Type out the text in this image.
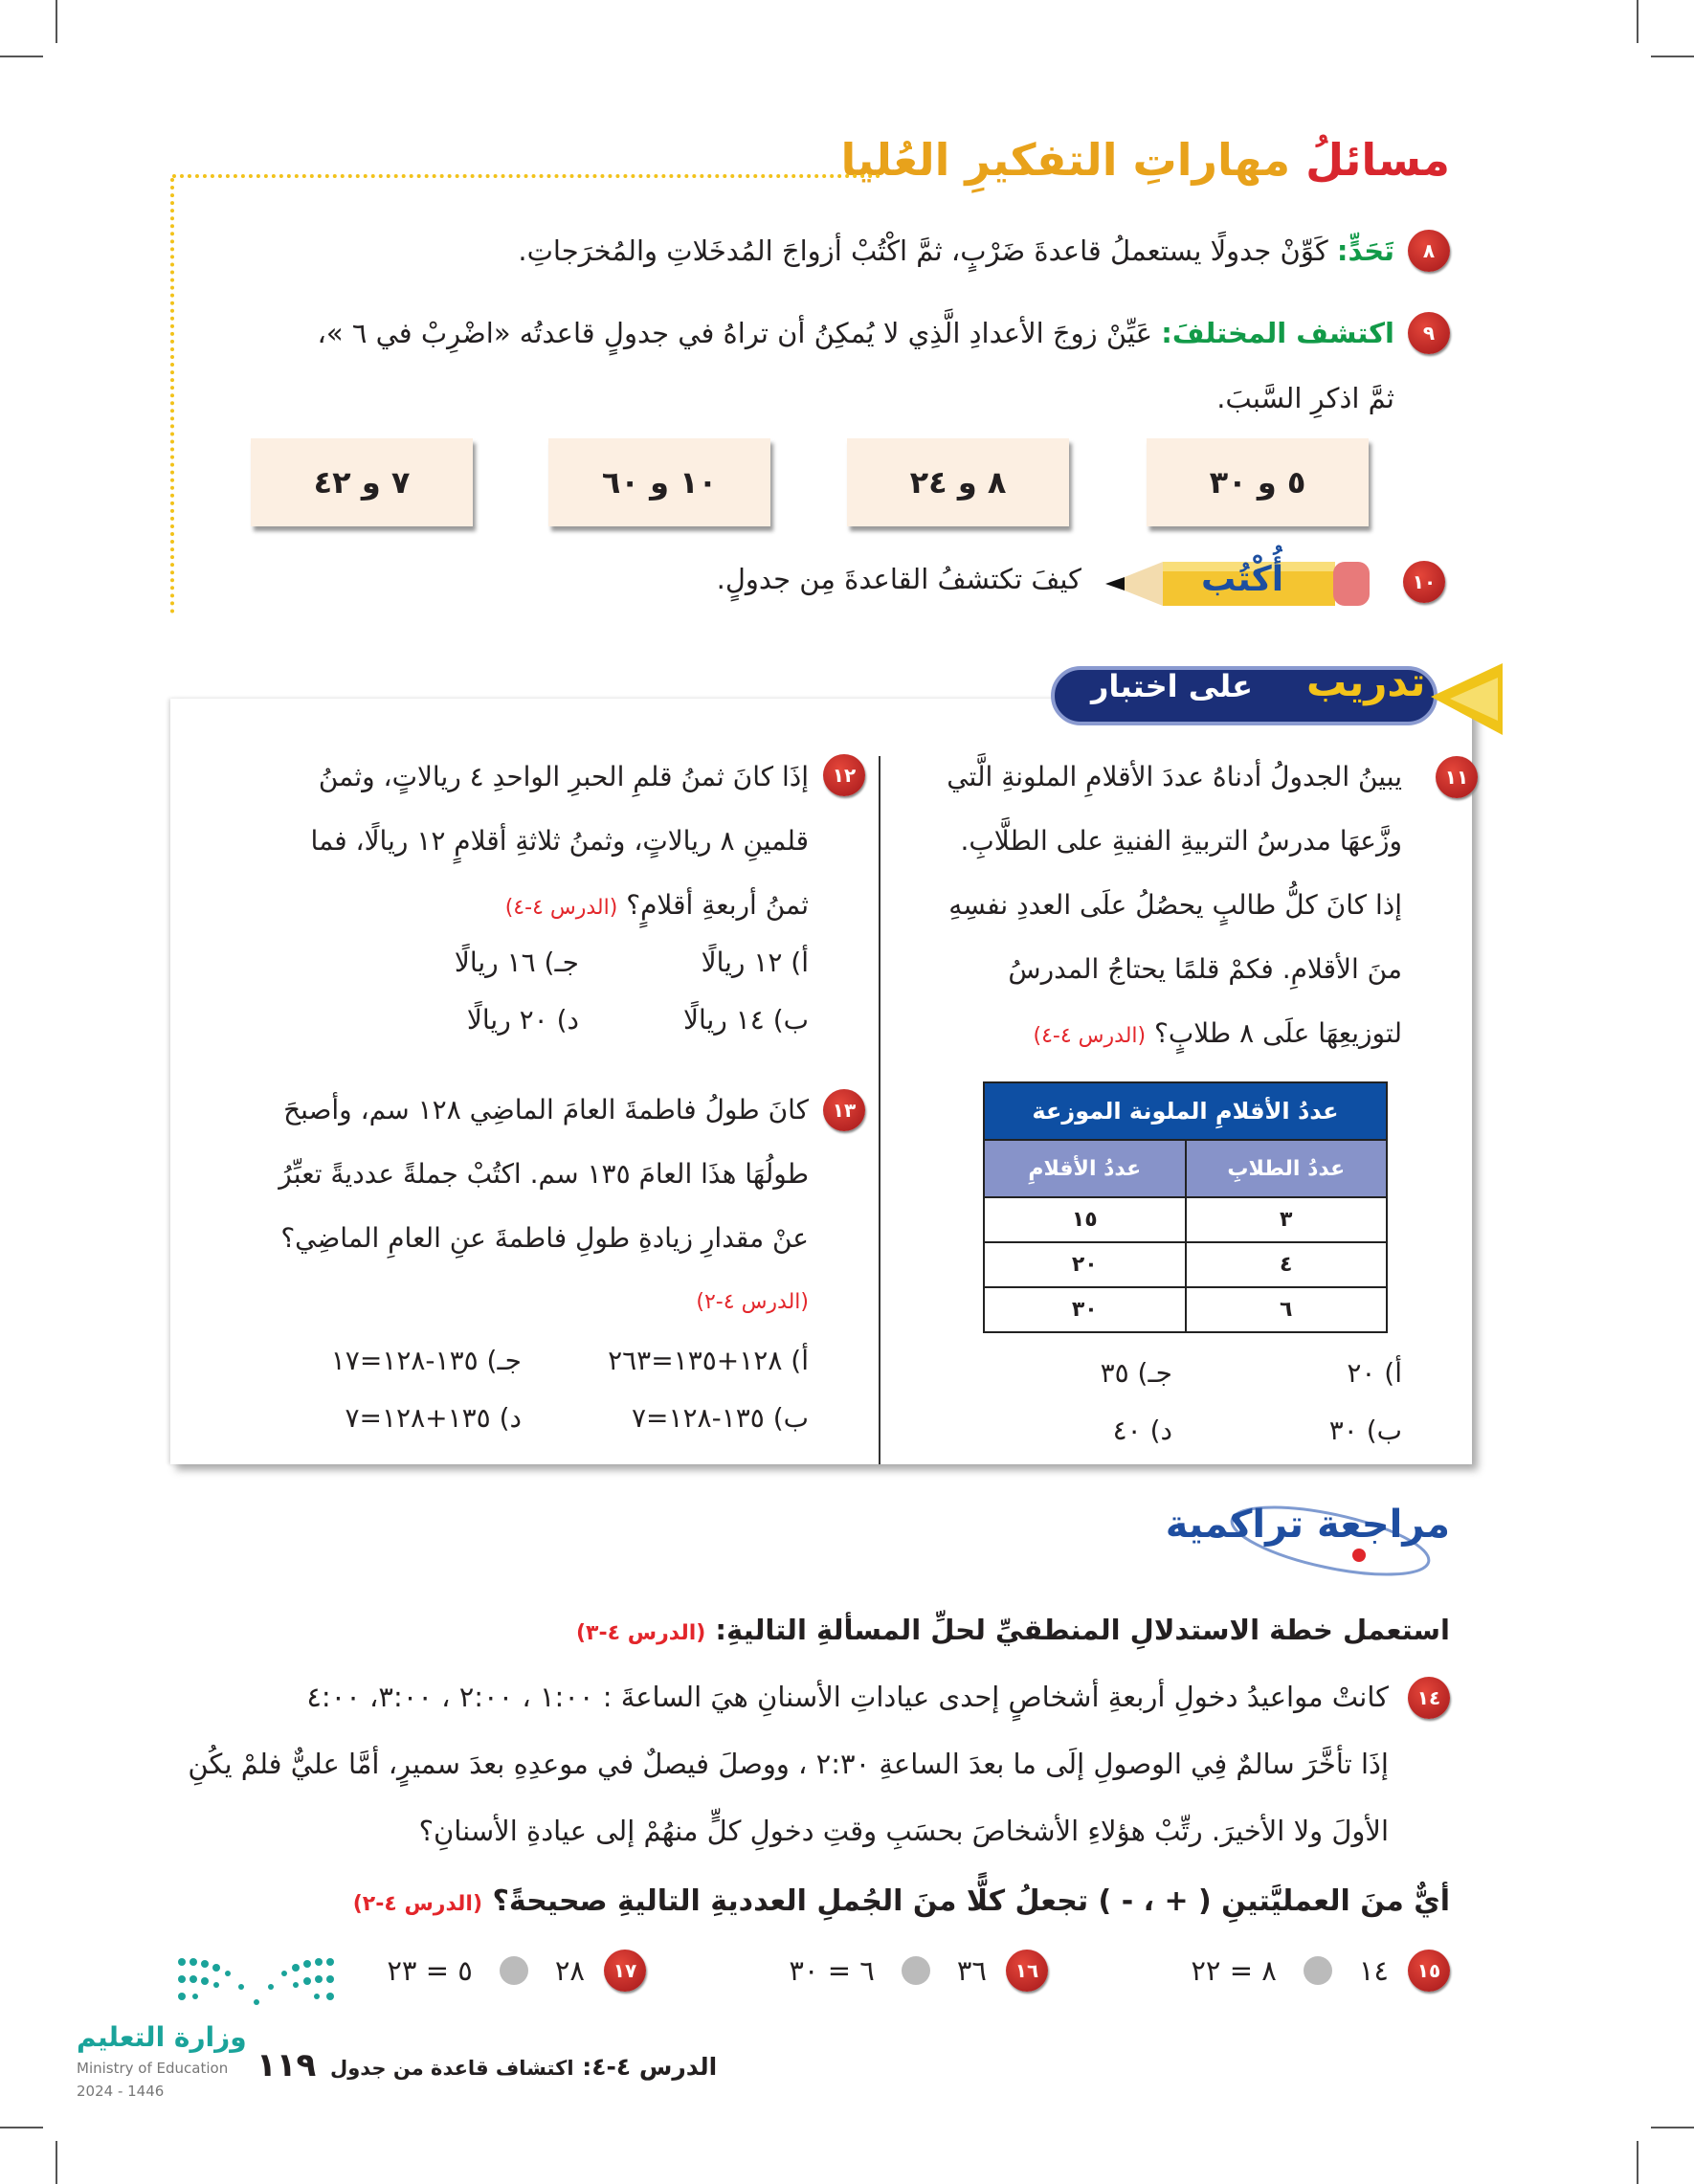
مسائلُ مهاراتِ التفكيرِ العُليا
٨
تَحَدٍّ: كَوِّنْ جدولًا يستعملُ قاعدةَ ضَرْبٍ، ثمَّ اكْتُبْ أزواجَ المُدخَلاتِ والمُخرَجاتِ.
٩
اكتشف المختلفَ: عَيِّنْ زوجَ الأعدادِ الَّذِي لا يُمكِنُ أن تراهُ في جدولٍ قاعدتُه «اضْرِبْ في ٦ »،
ثمَّ اذكرِ السَّببَ.
٥ و ٣٠
٨ و ٢٤
١٠ و ٦٠
٧ و ٤٢
١٠
أُكْتُب
كيفَ تكتشفُ القاعدةَ مِن جدولٍ.
تدريب
على اختبار
١١
يبينُ الجدولُ أدناهُ عددَ الأقلامِ الملونةِ الَّتي
وزَّعهَا مدرسُ التربيةِ الفنيةِ على الطلَّابِ.
إذا كانَ كلُّ طالبٍ يحصُلُ علَى العددِ نفسِهِ
منَ الأقلامِ. فكمْ قلمًا يحتاجُ المدرسُ
لتوزيعِهَا علَى ٨ طلابٍ؟ (الدرس ٤-٤)
عددُ الأقلامِ الملونة الموزعة	
عددُ الطلابِ	عددُ الأقلامِ
٣	١٥
٤	٢٠
٦	٣٠
أ) ٢٠
جـ) ٣٥
ب) ٣٠
د) ٤٠
١٢
إذَا كانَ ثمنُ قلمِ الحبرِ الواحدِ ٤ ريالاتٍ، وثمنُ
قلمينِ ٨ ريالاتٍ، وثمنُ ثلاثةِ أقلامٍ ١٢ ريالًا، فما
ثمنُ أربعةِ أقلامٍ؟ (الدرس ٤-٤)
أ) ١٢ ريالًا
جـ) ١٦ ريالًا
ب) ١٤ ريالًا
د) ٢٠ ريالًا
١٣
كانَ طولُ فاطمةَ العامَ الماضِي ١٢٨ سم، وأصبحَ
طولُهَا هذَا العامَ ١٣٥ سم. اكتُبْ جملةً عدديةً تعبِّرُ
عنْ مقدارِ زيادةِ طولِ فاطمةَ عنِ العامِ الماضِي؟
(الدرس ٤-٢)
أ) ١٢٨+١٣٥=٢٦٣
جـ) ١٣٥-١٢٨=١٧
ب) ١٣٥-١٢٨=٧
د) ١٣٥+١٢٨=٧
مراجعة تراكمية
استعمل خطة الاستدلالِ المنطقيِّ لحلِّ المسألةِ التاليةِ: (الدرس ٤-٣)
١٤
كانتْ مواعيدُ دخولِ أربعةِ أشخاصٍ إحدى عياداتِ الأسنانِ هيَ الساعةَ : ١:٠٠ ، ٢:٠٠ ، ٣:٠٠، ٤:٠٠
إذَا تأخَّرَ سالمٌ فِي الوصولِ إلَى ما بعدَ الساعةِ ٢:٣٠ ، ووصلَ فيصلٌ في موعدِهِ بعدَ سميرٍ، أمَّا عليٌّ فلمْ يكُنِ
الأولَ ولا الأخيرَ. رتِّبْ هؤلاءِ الأشخاصَ بحسَبِ وقتِ دخولِ كلٍّ منهُمْ إلى عيادةِ الأسنانِ؟
أيٌّ منَ العمليَّتينِ ( + ، - ) تجعلُ كلًّا منَ الجُملِ العدديةِ التاليةِ صحيحةً؟ (الدرس ٤-٢)
١٥
١٤
٨ = ٢٢
١٦
٣٦
٦ = ٣٠
١٧
٢٨
٥ = ٢٣
وزارة التعليم
Ministry of Education
2024 - 1446
١١٩	الدرس ٤-٤: اكتشاف قاعدة من جدول
